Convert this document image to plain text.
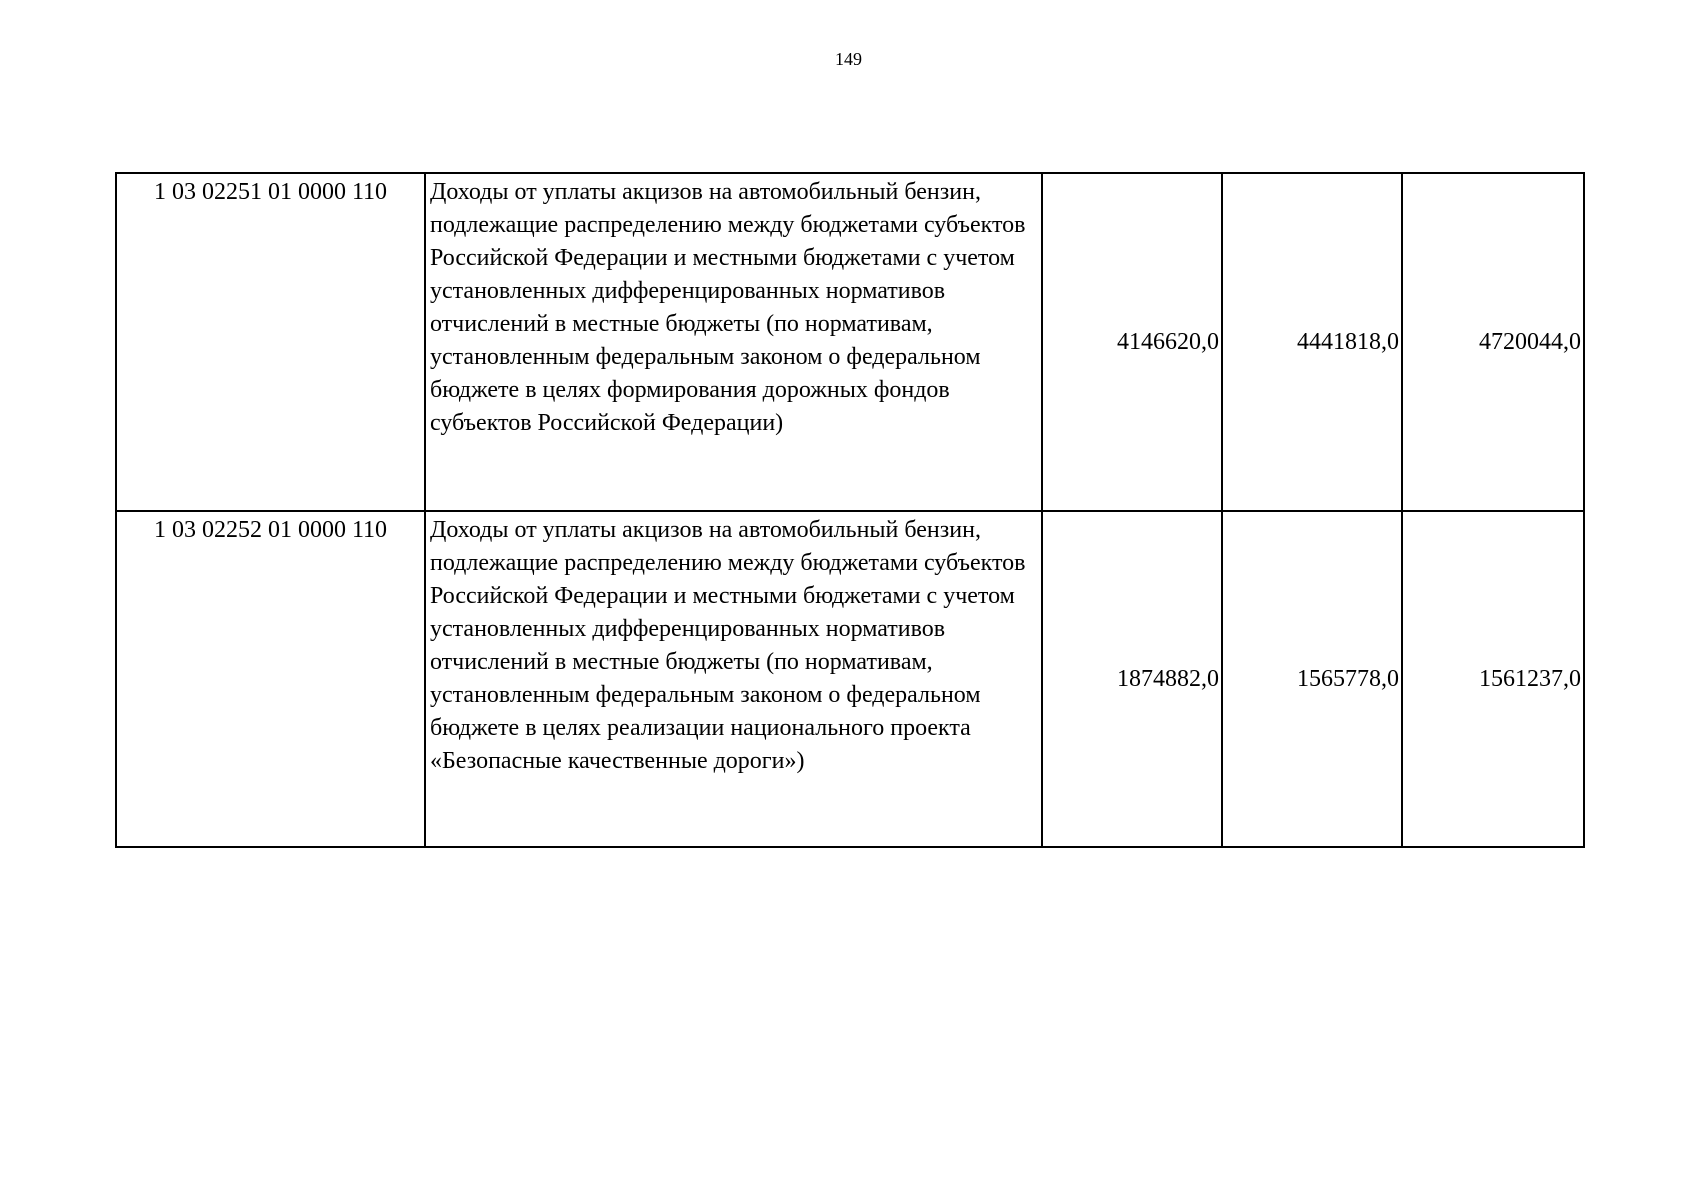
149
1 03 02251 01 0000 110	Доходы от уплаты акцизов на автомобильный бензин, подлежащие распределению между бюджетами субъектов Российской Федерации и местными бюджетами с учетом установленных дифференцированных нормативов отчислений в местные бюджеты (по нормативам, установленным федеральным законом о федеральном бюджете в целях формирования дорожных фондов субъектов Российской Федерации)	4146620,0	4441818,0	4720044,0
1 03 02252 01 0000 110	Доходы от уплаты акцизов на автомобильный бензин, подлежащие распределению между бюджетами субъектов Российской Федерации и местными бюджетами с учетом установленных дифференцированных нормативов отчислений в местные бюджеты (по нормативам, установленным федеральным законом о федеральном бюджете в целях реализации национального проекта «Безопасные качественные дороги»)	1874882,0	1565778,0	1561237,0
